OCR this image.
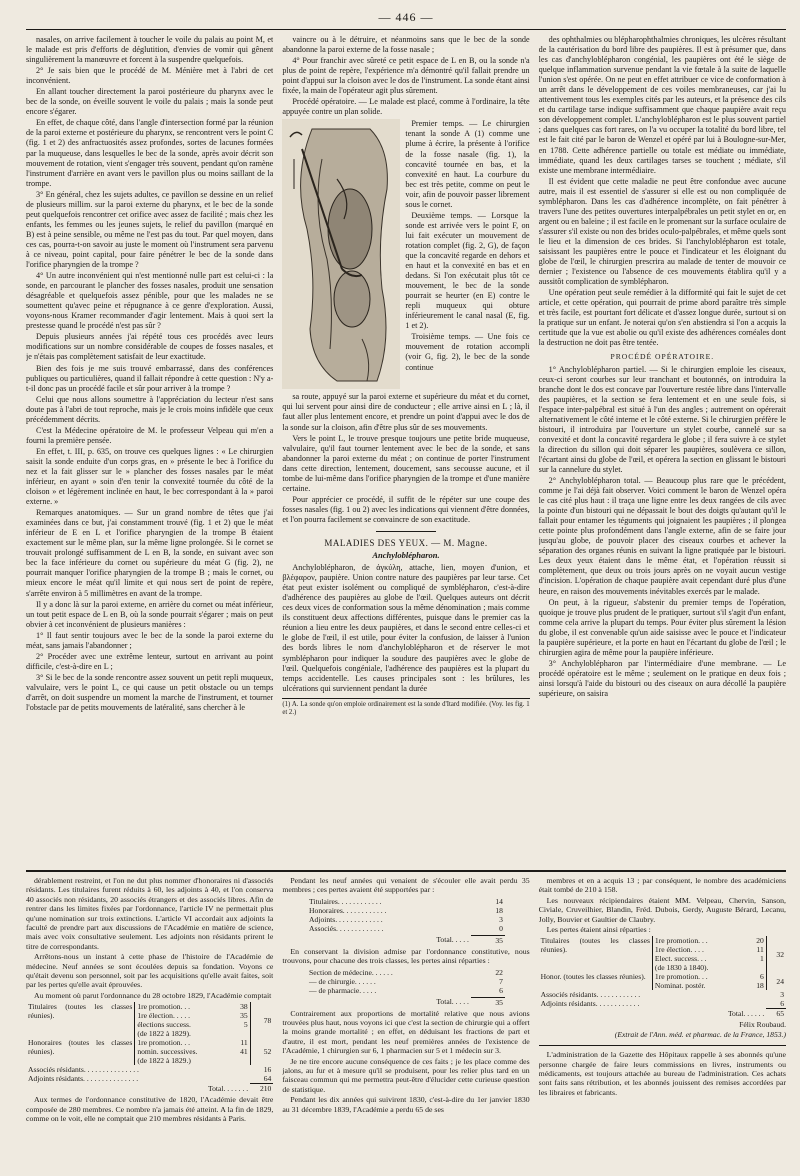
— 446 —

nasales, on arrive facilement à toucher le voile du palais au point M, et le malade est pris d'efforts de déglutition, d'envies de vomir qui gênent singulièrement la manœuvre et forcent à la suspendre quelquefois.

2° Je sais bien que le procédé de M. Ménière met à l'abri de cet inconvénient.

En allant toucher directement la paroi postérieure du pharynx avec le bec de la sonde, on éveille souvent le voile du palais ; mais la sonde peut encore s'égarer.

En effet, de chaque côté, dans l'angle d'intersection formé par la réunion de la paroi externe et postérieure du pharynx, se rencontrent vers le point C (fig. 1 et 2) des anfractuosités assez profondes, sortes de lacunes formées par la muqueuse, dans lesquelles le bec de la sonde, après avoir décrit son mouvement de rotation, vient s'engager très souvent, pendant qu'on ramène l'instrument d'arrière en avant vers le pavillon plus ou moins saillant de la trompe.

3° En général, chez les sujets adultes, ce pavillon se dessine en un relief de plusieurs millim. sur la paroi externe du pharynx, et le bec de la sonde peut quelquefois rencontrer cet orifice avec assez de facilité ; mais chez les enfants, les femmes ou les jeunes sujets, le relief du pavillon (marqué en B) est à peine sensible, ou même ne l'est pas du tout. Par quel moyen, dans ces cas, pourra-t-on savoir au juste le moment où l'instrument sera parvenu à ce niveau, point capital, pour faire pénétrer le bec de la sonde dans l'orifice pharyngien de la trompe ?

4° Un autre inconvénient qui n'est mentionné nulle part est celui-ci : la sonde, en parcourant le plancher des fosses nasales, produit une sensation désagréable et quelquefois assez pénible, pour que les malades ne se soumettent qu'avec peine et répugnance à ce genre d'exploration. Aussi, voyons-nous Kramer recommander d'agir lentement. Mais à quoi sert la prestesse quand le procédé n'est pas sûr ?

Depuis plusieurs années j'ai répété tous ces procédés avec leurs modifications sur un nombre considérable de coupes de fosses nasales, et je n'étais pas complètement satisfait de leur exactitude.

Bien des fois je me suis trouvé embarrassé, dans des conférences publiques ou particulières, quand il fallait répondre à cette question : N'y a-t-il donc pas un procédé facile et sûr pour arriver à la trompe ?

Celui que nous allons soumettre à l'appréciation du lecteur n'est sans doute pas à l'abri de tout reproche, mais je le crois moins infidèle que ceux précédemment décrits.

C'est la Médecine opératoire de M. le professeur Velpeau qui m'en a fourni la première pensée.

En effet, t. III, p. 635, on trouve ces quelques lignes : « Le chirurgien saisit la sonde enduite d'un corps gras, en » présente le bec à l'orifice du nez et la fait glisser sur le » plancher des fosses nasales par le méat inférieur, en ayant » soin d'en tenir la convexité tournée du côté de la cloison » et légèrement inclinée en haut, le bec correspondant à la » paroi externe. »

Remarques anatomiques. — Sur un grand nombre de têtes que j'ai examinées dans ce but, j'ai constamment trouvé (fig. 1 et 2) que le méat inférieur de E en L et l'orifice pharyngien de la trompe B étaient exactement sur le même plan, sur la même ligne prolongée. Si le cornet se trouvait prolongé suffisamment de L en B, la sonde, en suivant avec son bec la face inférieure du cornet ou supérieure du méat G (fig. 2), ne pourrait manquer l'orifice pharyngien de la trompe B ; mais le cornet, ou mieux encore le méat qu'il limite et qui nous sert de point de repère, s'arrête environ à 5 millimètres en avant de la trompe.

Il y a donc là sur la paroi externe, en arrière du cornet ou méat inférieur, un tout petit espace de L en B, où la sonde pourrait s'égarer ; mais on peut obvier à cet inconvénient de plusieurs manières :

1° Il faut sentir toujours avec le bec de la sonde la paroi externe du méat, sans jamais l'abandonner ;

2° Procéder avec une extrême lenteur, surtout en arrivant au point difficile, c'est-à-dire en L ;

3° Si le bec de la sonde rencontre assez souvent un petit repli muqueux, valvulaire, vers le point L, ce qui cause un petit obstacle ou un temps d'arrêt, on doit suspendre un moment la marche de l'instrument, et tourner l'obstacle par de petits mouvements de latéralité, sans chercher à le

vaincre ou à le détruire, et néanmoins sans que le bec de la sonde abandonne la paroi externe de la fosse nasale ;

4° Pour franchir avec sûreté ce petit espace de L en B, ou la sonde n'a plus de point de repère, l'expérience m'a démontré qu'il fallait prendre un point d'appui sur la cloison avec le dos de l'instrument. La sonde étant ainsi fixée, la main de l'opérateur agit plus sûrement.

Procédé opératoire. — Le malade est placé, comme à l'ordinaire, la tête appuyée contre un plan solide.

Premier temps. — Le chirurgien tenant la sonde A (1) comme une plume à écrire, la présente à l'orifice de la fosse nasale (fig. 1), la concavité tournée en bas, et la convexité en haut. La courbure du bec est très petite, comme on peut le voir, afin de pouvoir passer librement sous le cornet.

Deuxième temps. — Lorsque la sonde est arrivée vers le point F, on lui fait exécuter un mouvement de rotation complet (fig. 2, G), de façon que la concavité regarde en dehors et en haut et la convexité en bas et en dedans. Si l'on exécutait plus tôt ce mouvement, le bec de la sonde pourrait se heurter (en E) contre le repli muqueux qui obture inférieurement le canal nasal (E, fig. 1 et 2).

Troisième temps. — Une fois ce mouvement de rotation accompli (voir G, fig. 2), le bec de la sonde continue

sa route, appuyé sur la paroi externe et supérieure du méat et du cornet, qui lui servent pour ainsi dire de conducteur ; elle arrive ainsi en L ; là, il faut aller plus lentement encore, et prendre un point d'appui avec le dos de la sonde sur la cloison, afin d'être plus sûr de ses mouvements.

Vers le point L, le trouve presque toujours une petite bride muqueuse, valvulaire, qu'il faut tourner lentement avec le bec de la sonde, et sans abandonner la paroi externe du méat ; on continue de porter l'instrument dans cette direction, lentement, doucement, sans secousse aucune, et il tombe de lui-même dans l'orifice pharyngien de la trompe et d'une manière certaine.

Pour apprécier ce procédé, il suffit de le répéter sur une coupe des fosses nasales (fig. 1 ou 2) avec les indications qui viennent d'être données, et l'on pourra facilement se convaincre de son exactitude.

MALADIES DES YEUX. — M. Magne.
Anchyloblépharon.

Anchyloblépharon, de ἀγκύλη, attache, lien, moyen d'union, et βλέφαρον, paupière. Union contre nature des paupières par leur tarse. Cet état peut exister isolément ou compliqué de symblépharon, c'est-à-dire d'adhérence des paupières au globe de l'œil. Quelques auteurs ont décrit ces deux vices de conformation sous la même dénomination ; mais comme ils constituent deux affections différentes, puisque dans le premier cas la réunion a lieu entre les deux paupières, et dans le second entre celles-ci et le globe de l'œil, il est utile, pour éviter la confusion, de laisser à l'union des bords libres le nom d'anchyloblépharon et de réserver le mot symblépharon pour indiquer la soudure des paupières avec le globe de l'œil. Quelquefois congéniale, l'adhérence des paupières est la plupart du temps accidentelle. Les causes principales sont : les brûlures, les ulcérations qui surviennent pendant la durée

(1) A. La sonde qu'on emploie ordinairement est la sonde d'Itard modifiée. (Voy. les fig. 1 et 2.)

des ophthalmies ou blépharophthalmies chroniques, les ulcères résultant de la cautérisation du bord libre des paupières. Il est à présumer que, dans les cas d'anchyloblépharon congénial, les paupières ont été le siège de quelque inflammation survenue pendant la vie fœtale à la suite de laquelle l'union s'est opérée. On ne peut en effet attribuer ce vice de conformation à un arrêt dans le développement de ces voiles membraneuses, car j'ai lu attentivement tous les exemples cités par les auteurs, et la présence des cils et du cartilage tarse indique suffisamment que chaque paupière avait reçu son développement complet. L'anchyloblépharon est le plus souvent partiel ; dans quelques cas fort rares, on l'a vu occuper la totalité du bord libre, tel est le fait cité par le baron de Wenzel et opéré par lui à Boulogne-sur-Mer, en 1788. Cette adhérence partielle ou totale est médiate ou immédiate, immédiate, quand les deux cartilages tarses se touchent ; médiate, s'il existe une membrane intermédiaire.

Il est évident que cette maladie ne peut être confondue avec aucune autre, mais il est essentiel de s'assurer si elle est ou non compliquée de symblépharon. Dans les cas d'adhérence incomplète, on fait pénétrer à travers l'une des petites ouvertures interpalpébrales un petit stylet en or, en argent ou en baleine ; il est facile en le promenant sur la surface oculaire de s'assurer s'il existe ou non des brides oculo-palpébrales, et même quels sont le lieu et la dimension de ces brides. Si l'anchyloblépharon est totale, saisissant les paupières entre le pouce et l'indicateur et les éloignant du globe de l'œil, le chirurgien prescrira au malade de tenter de mouvoir ce dernier ; l'existence ou l'absence de ces mouvements établira qu'il y a aussitôt complication de symblépharon.

Une opération peut seule remédier à la difformité qui fait le sujet de cet article, et cette opération, qui pourrait de prime abord paraître très simple et très facile, est pourtant fort délicate et d'assez longue durée, surtout si on la pratique sur un enfant. Je noterai qu'on s'en abstiendra si l'on a acquis la certitude que la vue est abolie ou qu'il existe des adhérences cornéales dont la destruction ne doit pas être tentée.

PROCÉDÉ OPÉRATOIRE.

1° Anchyloblépharon partiel. — Si le chirurgien emploie les ciseaux, ceux-ci seront courbes sur leur tranchant et boutonnés, on introduira la branche dont le dos est concave par l'ouverture restée libre dans l'intervalle des paupières, et la section se fera lentement et en une seule fois, si l'espace inter-palpébral est situé à l'un des angles ; autrement on opérerait alternativement le côté interne et le côté externe. Si le chirurgien préfère le bistouri, il introduira par l'ouverture un stylet courbe, cannelé sur sa convexité et dont la concavité regardera le globe ; il fera suivre à ce stylet la direction du sillon qui doit séparer les paupières, soulèvera ce sillon, l'écartant ainsi du globe de l'œil, et opérera la section en glissant le bistouri sur la cannelure du stylet.

2° Anchyloblépharon total. — Beaucoup plus rare que le précédent, comme je l'ai déjà fait observer. Voici comment le baron de Wenzel opéra le cas cité plus haut : il traça une ligne entre les deux rangées de cils avec la pointe d'un bistouri qui ne dépassait le bout des doigts qu'autant qu'il le fallait pour entamer les téguments qui joignaient les paupières ; il plongea cette pointe plus profondément dans l'angle externe, afin de se faire jour jusqu'au globe, de pouvoir placer des ciseaux courbes et achever la séparation des organes réunis en suivant la ligne pratiquée par le bistouri. Les deux yeux étaient dans le même état, et l'opération réussit si complètement, que deux ou trois jours après on ne voyait aucun vestige d'incision. L'opération de chaque paupière avait cependant duré plus d'une heure, en raison des mouvements inévitables exercés par le malade.

On peut, à la rigueur, s'abstenir du premier temps de l'opération, quoique je trouve plus prudent de le pratiquer, surtout s'il s'agit d'un enfant, comme cela arrive la plupart du temps. Pour éviter plus sûrement la lésion du globe, il est convenable qu'un aide saisisse avec le pouce et l'indicateur la paupière supérieure, et la porte en haut en l'écartant du globe de l'œil ; le chirurgien agira de même pour la paupière inférieure.

3° Anchyloblépharon par l'intermédiaire d'une membrane. — Le procédé opératoire est le même ; seulement on le pratique en deux fois ; ainsi lorsqu'à l'aide du bistouri ou des ciseaux on aura décollé la paupière supérieure, on saisira

dérablement restreint, et l'on ne dut plus nommer d'honoraires ni d'associés résidants. Les titulaires furent réduits à 60, les adjoints à 40, et l'on conserva 40 associés non résidants, 20 associés étrangers et des associés libres. Afin de rentrer dans les limites fixées par l'ordonnance, l'article IV ne permettait plus qu'une nomination sur trois extinctions. L'article VI accordait aux adjoints la faculté de prendre part aux discussions de l'Académie en matière de science, mais avec voix consultative seulement. Les adjoints non résidants prirent le titre de correspondants.

Arrêtons-nous un instant à cette phase de l'histoire de l'Académie de médecine. Neuf années se sont écoulées depuis sa fondation. Voyons ce qu'était devenu son personnel, soit par les acquisitions qu'elle avait faites, soit par les pertes qu'elle avait éprouvées.

Au moment où parut l'ordonnance du 28 octobre 1829, l'Académie comptait

Titulaires (toutes les classes réunies).	1re promotion. . .	38	78
	1re élection. . . . .	35	
	élections success.	5	
	(de 1822 à 1829).		
Honoraires (toutes les classes réunies).	1re promotion. . .	11	52
	nomin. successives.	41	
	(de 1822 à 1829.)		
Associés résidants. . . . . . . . . . . . . . .			16
Adjoints résidants. . . . . . . . . . . . . . .			64
Total. . . . . . .			210

Aux termes de l'ordonnance constitutive de 1820, l'Académie devait être composée de 280 membres. Ce nombre n'a jamais été atteint. A la fin de 1829, comme on le voit, elle ne comptait que 210 membres résidants à Paris.

Pendant les neuf années qui venaient de s'écouler elle avait perdu 35 membres ; ces pertes avaient été supportées par :

Titulaires. . . . . . . . . . . .	14
Honoraires. . . . . . . . . . . .	18
Adjoints. . . . . . . . . . . . .	3
Associés. . . . . . . . . . . . .	0
Total. . . . .	35

En conservant la division admise par l'ordonnance constitutive, nous trouvons, pour chacune des trois classes, les pertes ainsi réparties :

Section de médecine. . . . . .	22
— de chirurgie. . . . . .	7
— de pharmacie. . . . .	6
Total. . . . .	35

Contrairement aux proportions de mortalité relative que nous avions trouvées plus haut, nous voyons ici que c'est la section de chirurgie qui a offert la moins grande mortalité ; en effet, en déduisant les fractions de part et d'autre, il est mort, pendant les neuf premières années de l'existence de l'Académie, 1 chirurgien sur 6, 1 pharmacien sur 5 et 1 médecin sur 3.

Je ne tire encore aucune conséquence de ces faits ; je les place comme des jalons, au fur et à mesure qu'il se produisent, pour les relier plus tard en un faisceau commun qui me permettra peut-être d'élucider cette curieuse question de statistique.

Pendant les dix années qui suivirent 1830, c'est-à-dire du 1er janvier 1830 au 31 décembre 1839, l'Académie a perdu 65 de ses

membres et en a acquis 13 ; par conséquent, le nombre des académiciens était tombé de 210 à 158.

Les nouveaux récipiendaires étaient MM. Velpeau, Chervin, Sanson, Civiale, Cruveilhier, Blandin, Fréd. Dubois, Gerdy, Auguste Bérard, Lecanu, Jolly, Bouvier et Gaultier de Claubry.

Les pertes étaient ainsi réparties :

Titulaires (toutes les classes réunies).	1re promotion. . .	20	32
	1re élection. . . .	11	
	Elect. success. . .	1	
	(de 1830 à 1840).		
Honor. (toutes les classes réunies).	1re promotion. . .	6	24
	Nominat. postér.	18	
Associés résidants. . . . . . . . . . . .			3
Adjoints résidants. . . . . . . . . . . .			6
Total. . . . . .			65
Félix Roubaud.
(Extrait de l'Ann. méd. et pharmac. de la France, 1853.)

L'administration de la Gazette des Hôpitaux rappelle à ses abonnés qu'une personne chargée de faire leurs commissions en livres, instruments ou médicaments, est toujours attachée au bureau de l'administration. Ces achats sont faits sans rétribution, et les abonnés jouissent des remises accordées par les libraires et fabricants.
